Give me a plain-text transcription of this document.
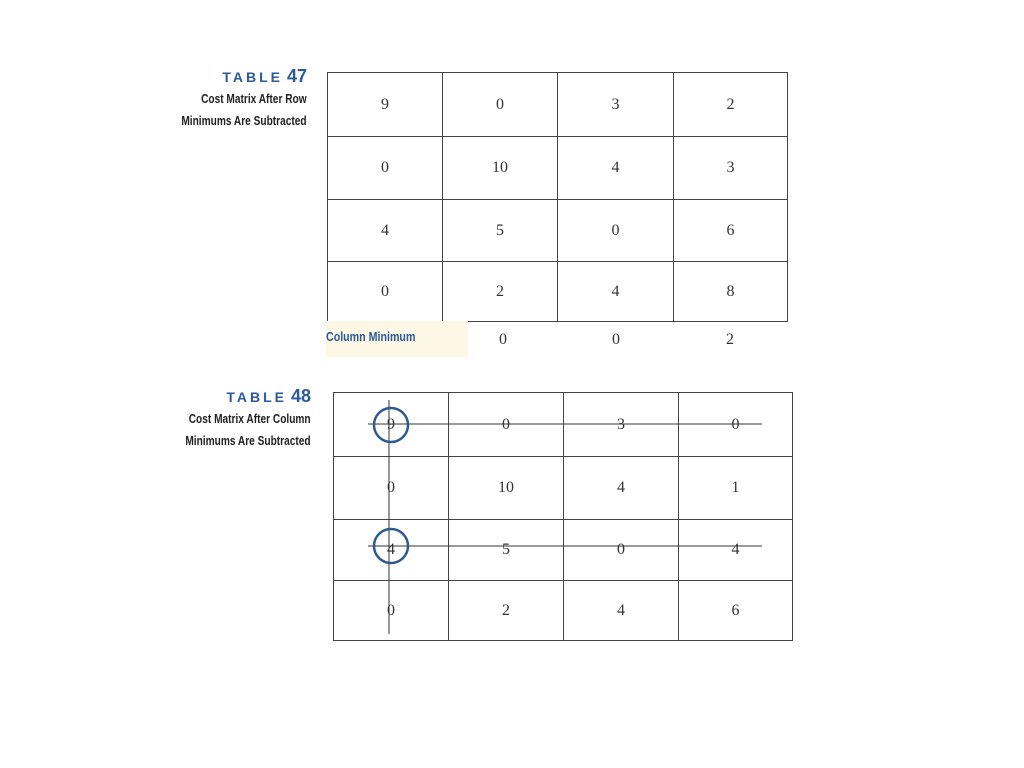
TABLE 47
Cost Matrix After Row
Minimums Are Subtracted
9	0	3	2
0	10	4	3
4	5	0	6
0	2	4	8
Column Minimum	0	0	2
TABLE 48
Cost Matrix After Column
Minimums Are Subtracted
9	0	3	0
0	10	4	1
4	5	0	4
0	2	4	6
